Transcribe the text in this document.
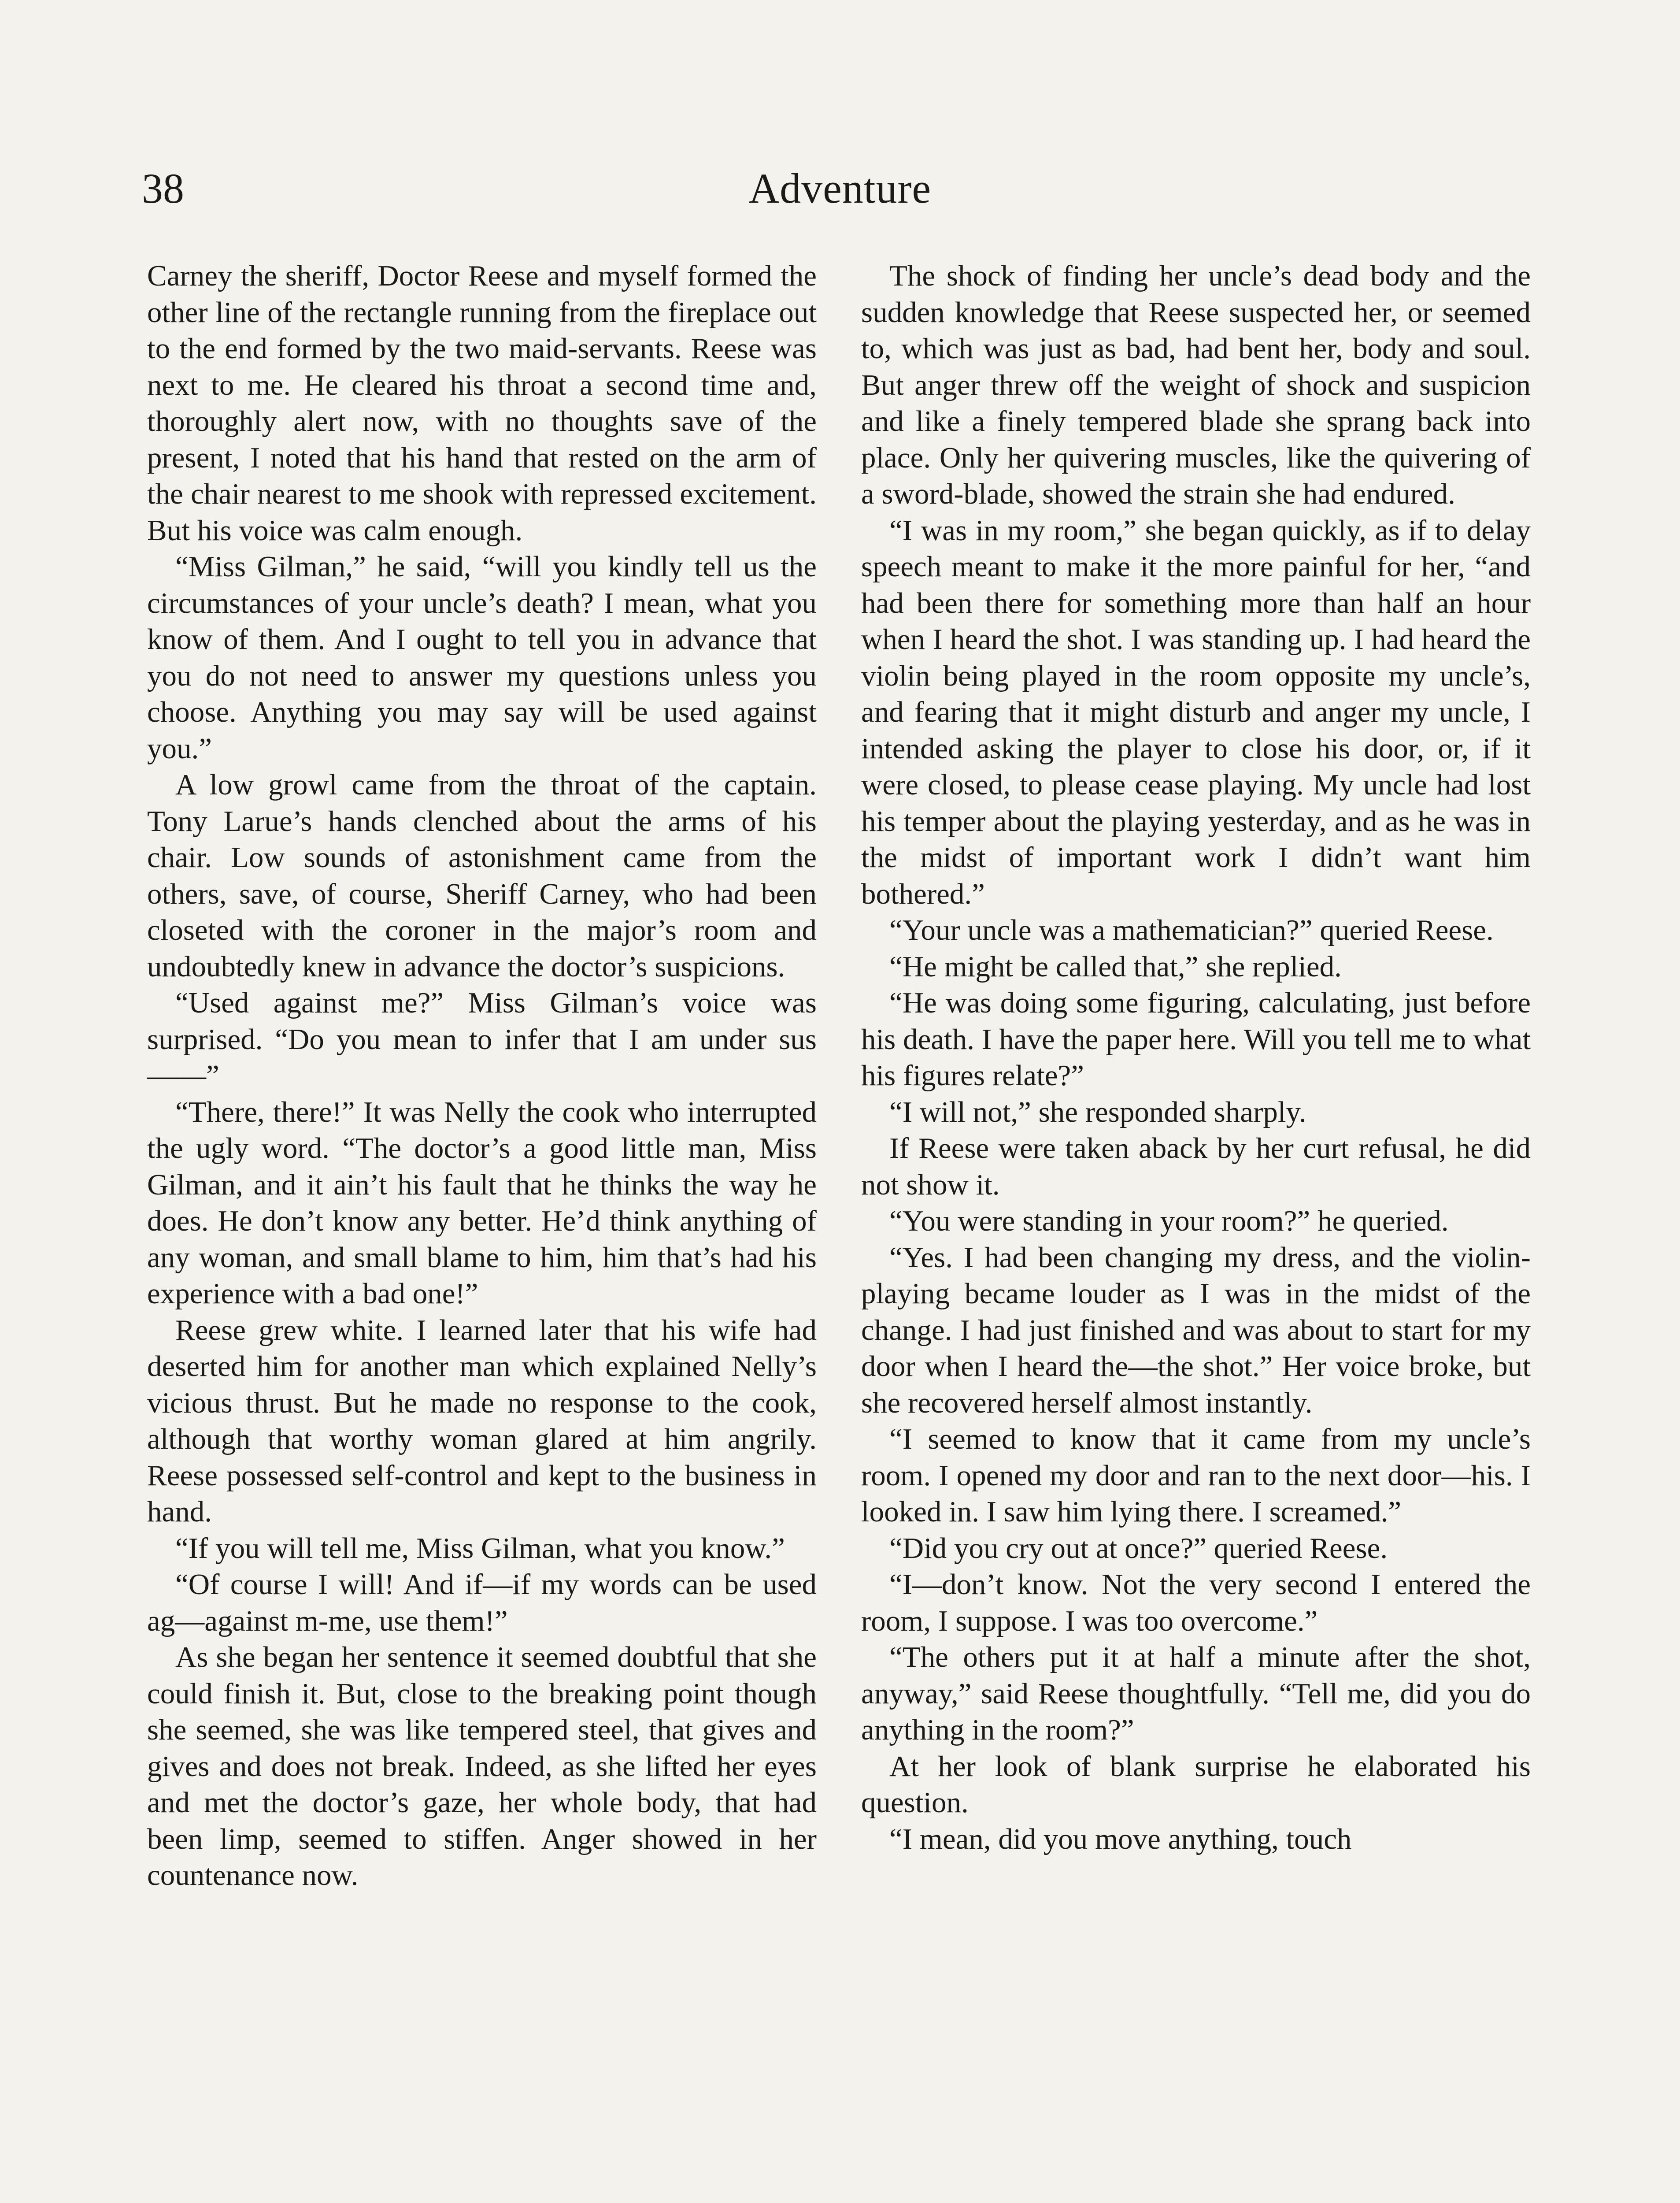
38	Adventure

Carney the sheriff, Doctor Reese and myself formed the other line of the rectangle running from the fireplace out to the end formed by the two maid-servants. Reese was next to me. He cleared his throat a second time and, thoroughly alert now, with no thoughts save of the present, I noted that his hand that rested on the arm of the chair nearest to me shook with repressed excitement. But his voice was calm enough.

“Miss Gilman,” he said, “will you kindly tell us the circumstances of your uncle’s death? I mean, what you know of them. And I ought to tell you in advance that you do not need to answer my questions unless you choose. Anything you may say will be used against you.”

A low growl came from the throat of the captain. Tony Larue’s hands clenched about the arms of his chair. Low sounds of astonishment came from the others, save, of course, Sheriff Carney, who had been closeted with the coroner in the major’s room and undoubtedly knew in advance the doctor’s suspicions.

“Used against me?” Miss Gilman’s voice was surprised. “Do you mean to infer that I am under sus——”

“There, there!” It was Nelly the cook who interrupted the ugly word. “The doctor’s a good little man, Miss Gilman, and it ain’t his fault that he thinks the way he does. He don’t know any better. He’d think anything of any woman, and small blame to him, him that’s had his experience with a bad one!”

Reese grew white. I learned later that his wife had deserted him for another man which explained Nelly’s vicious thrust. But he made no response to the cook, although that worthy woman glared at him angrily. Reese possessed self-control and kept to the business in hand.

“If you will tell me, Miss Gilman, what you know.”

“Of course I will! And if—if my words can be used ag—against m-me, use them!”

As she began her sentence it seemed doubtful that she could finish it. But, close to the breaking point though she seemed, she was like tempered steel, that gives and gives and does not break. Indeed, as she lifted her eyes and met the doctor’s gaze, her whole body, that had been limp, seemed to stiffen. Anger showed in her countenance now.

The shock of finding her uncle’s dead body and the sudden knowledge that Reese suspected her, or seemed to, which was just as bad, had bent her, body and soul. But anger threw off the weight of shock and suspicion and like a finely tempered blade she sprang back into place. Only her quivering muscles, like the quivering of a sword-blade, showed the strain she had endured.

“I was in my room,” she began quickly, as if to delay speech meant to make it the more painful for her, “and had been there for something more than half an hour when I heard the shot. I was standing up. I had heard the violin being played in the room opposite my uncle’s, and fearing that it might disturb and anger my uncle, I intended asking the player to close his door, or, if it were closed, to please cease playing. My uncle had lost his temper about the playing yesterday, and as he was in the midst of important work I didn’t want him bothered.”

“Your uncle was a mathematician?” queried Reese.

“He might be called that,” she replied.

“He was doing some figuring, calculating, just before his death. I have the paper here. Will you tell me to what his figures relate?”

“I will not,” she responded sharply.

If Reese were taken aback by her curt refusal, he did not show it.

“You were standing in your room?” he queried.

“Yes. I had been changing my dress, and the violin-playing became louder as I was in the midst of the change. I had just finished and was about to start for my door when I heard the—the shot.” Her voice broke, but she recovered herself almost instantly.

“I seemed to know that it came from my uncle’s room. I opened my door and ran to the next door—his. I looked in. I saw him lying there. I screamed.”

“Did you cry out at once?” queried Reese.

“I—don’t know. Not the very second I entered the room, I suppose. I was too overcome.”

“The others put it at half a minute after the shot, anyway,” said Reese thoughtfully. “Tell me, did you do anything in the room?”

At her look of blank surprise he elaborated his question.

“I mean, did you move anything, touch
